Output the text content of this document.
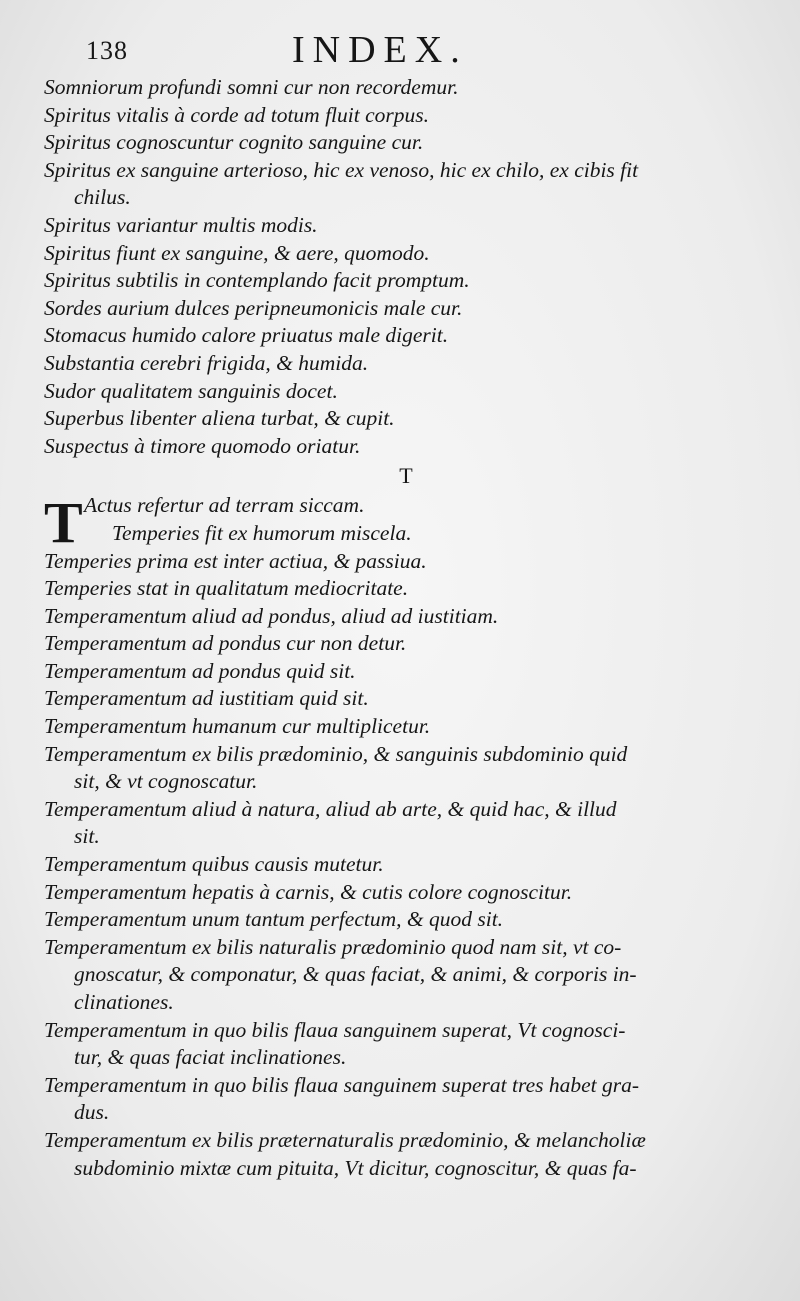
138	INDEX.
Somniorum profundi somni cur non recordemur.
Spiritus vitalis à corde ad totum fluit corpus.
Spiritus cognoscuntur cognito sanguine cur.
Spiritus ex sanguine arterioso, hic ex venoso, hic ex chilo, ex cibis fit
chilus.
Spiritus variantur multis modis.
Spiritus fiunt ex sanguine, & aere, quomodo.
Spiritus subtilis in contemplando facit promptum.
Sordes aurium dulces peripneumonicis male cur.
Stomacus humido calore priuatus male digerit.
Substantia cerebri frigida, & humida.
Sudor qualitatem sanguinis docet.
Superbus libenter aliena turbat, & cupit.
Suspectus à timore quomodo oriatur.
T
T Actus refertur ad terram siccam.
Temperies fit ex humorum miscela.
Temperies prima est inter actiua, & passiua.
Temperies stat in qualitatum mediocritate.
Temperamentum aliud ad pondus, aliud ad iustitiam.
Temperamentum ad pondus cur non detur.
Temperamentum ad pondus quid sit.
Temperamentum ad iustitiam quid sit.
Temperamentum humanum cur multiplicetur.
Temperamentum ex bilis prædominio, & sanguinis subdominio quid
sit, & vt cognoscatur.
Temperamentum aliud à natura, aliud ab arte, & quid hac, & illud
sit.
Temperamentum quibus causis mutetur.
Temperamentum hepatis à carnis, & cutis colore cognoscitur.
Temperamentum unum tantum perfectum, & quod sit.
Temperamentum ex bilis naturalis prædominio quod nam sit, vt co-
gnoscatur, & componatur, & quas faciat, & animi, & corporis in-
clinationes.
Temperamentum in quo bilis flaua sanguinem superat, Vt cognosci-
tur, & quas faciat inclinationes.
Temperamentum in quo bilis flaua sanguinem superat tres habet gra-
dus.
Temperamentum ex bilis præternaturalis prædominio, & melancholiæ
subdominio mixtæ cum pituita, Vt dicitur, cognoscitur, & quas fa-
